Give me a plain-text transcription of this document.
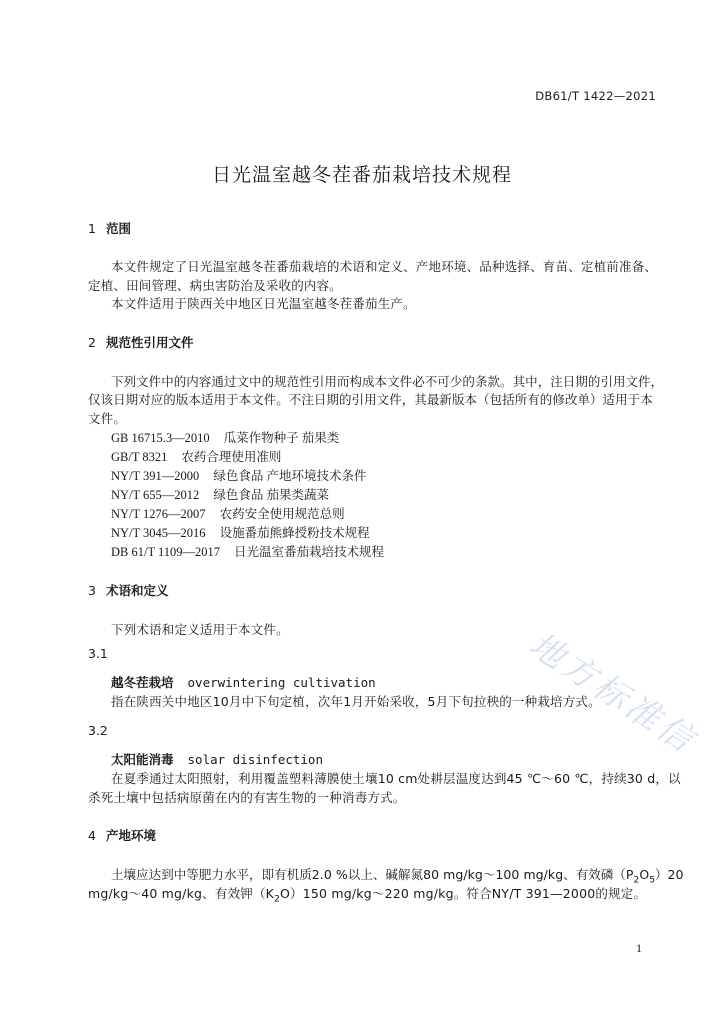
DB61/T 1422—2021
日光温室越冬茬番茄栽培技术规程
地方标准信
1 范围
本文件规定了日光温室越冬茬番茄栽培的术语和定义、产地环境、品种选择、育苗、定植前准备、
定植、田间管理、病虫害防治及采收的内容。
本文件适用于陕西关中地区日光温室越冬茬番茄生产。
2 规范性引用文件
下列文件中的内容通过文中的规范性引用而构成本文件必不可少的条款。其中，注日期的引用文件，
仅该日期对应的版本适用于本文件。不注日期的引用文件，其最新版本（包括所有的修改单）适用于本
文件。
GB 16715.3—2010 瓜菜作物种子 茄果类
GB/T 8321 农药合理使用准则
NY/T 391—2000 绿色食品 产地环境技术条件
NY/T 655—2012 绿色食品 茄果类蔬菜
NY/T 1276—2007 农药安全使用规范总则
NY/T 3045—2016 设施番茄熊蜂授粉技术规程
DB 61/T 1109—2017 日光温室番茄栽培技术规程
3 术语和定义
下列术语和定义适用于本文件。
3.1
越冬茬栽培 overwintering cultivation
指在陕西关中地区10月中下旬定植，次年1月开始采收，5月下旬拉秧的一种栽培方式。
3.2
太阳能消毒 solar disinfection
在夏季通过太阳照射，利用覆盖塑料薄膜使土壤10 cm处耕层温度达到45 ℃～60 ℃，持续30 d，以
杀死土壤中包括病原菌在内的有害生物的一种消毒方式。
4 产地环境
土壤应达到中等肥力水平，即有机质2.0 %以上、碱解氮80 mg/kg～100 mg/kg、有效磷$(P_2O_5)20$
mg/kg～40 mg/kg、有效钾$(K_2O)150$ mg/kg～220 mg/kg。符合NY/T 391—2000的规定。
1
